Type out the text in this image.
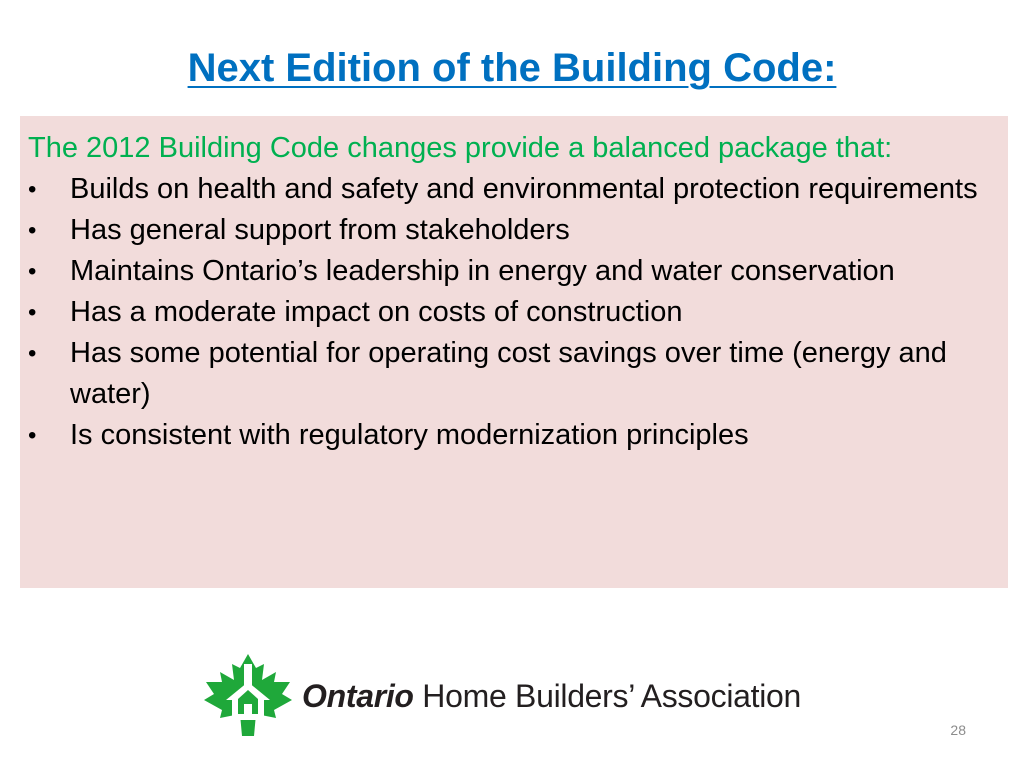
Next Edition of the Building Code:

The 2012 Building Code changes provide a balanced package that:

•	Builds on health and safety and environmental protection requirements
•	Has general support from stakeholders
•	Maintains Ontario’s leadership in energy and water conservation
•	Has a moderate impact on costs of construction
•	Has some potential for operating cost savings over time (energy and water)
•	Is consistent with regulatory modernization principles
Ontario Home Builders’ Association
28
